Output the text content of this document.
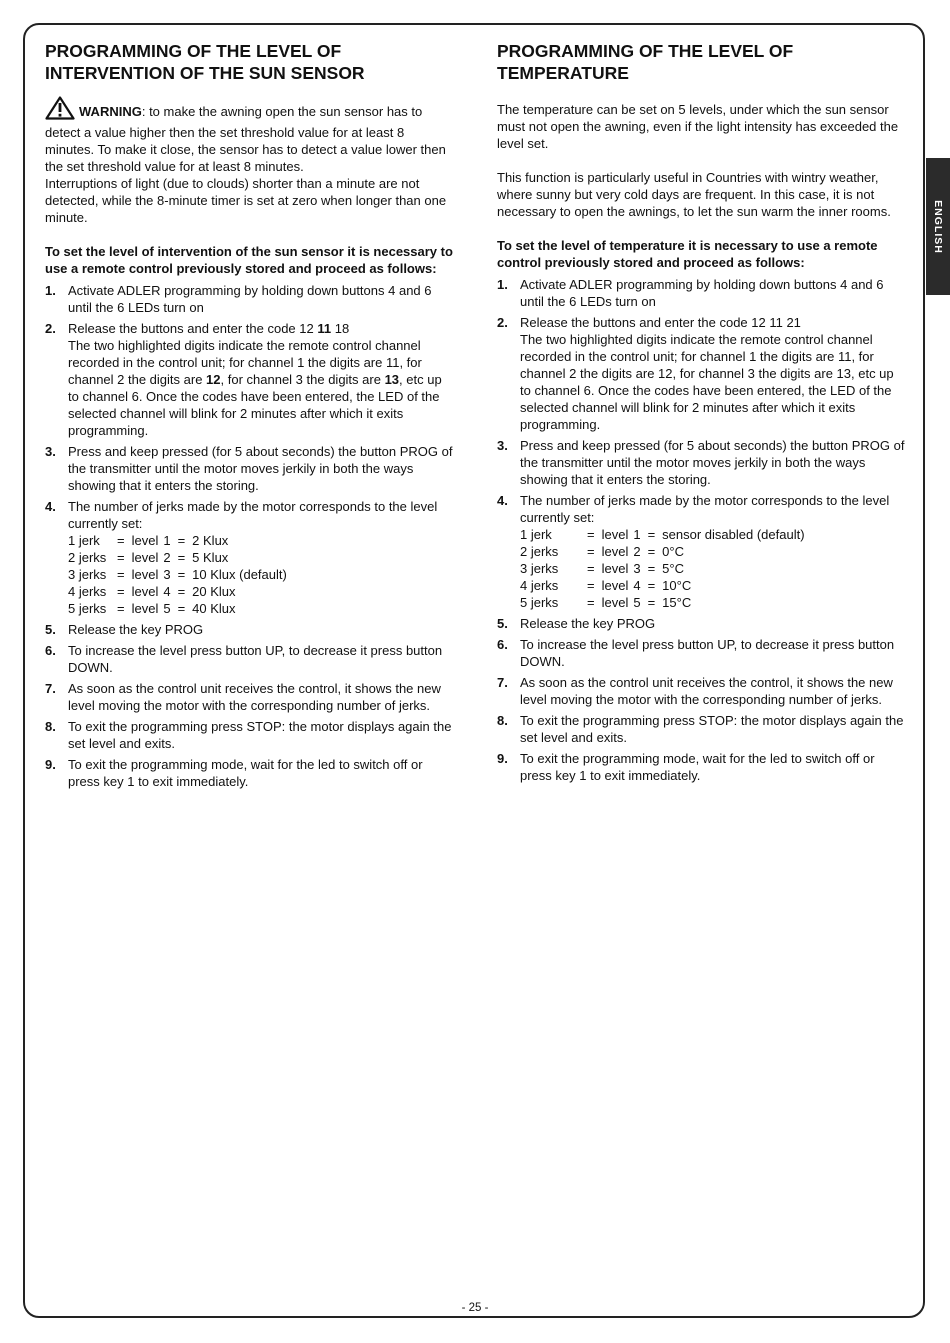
PROGRAMMING OF THE LEVEL OF
INTERVENTION OF THE SUN SENSOR
WARNING: to make the awning open the sun sensor has to detect a value higher then the set threshold value for at least 8 minutes. To make it close, the sensor has to detect a value lower then the set threshold value for at least 8 minutes.

Interruptions of light (due to clouds) shorter than a minute are not detected, while the 8-minute timer is set at zero when longer than one minute.

To set the level of intervention of the sun sensor it is necessary to use a remote control previously stored and proceed as follows:

1. Activate ADLER programming by holding down buttons 4 and 6 until the 6 LEDs turn on
2. Release the buttons and enter the code 12 11 18
The two highlighted digits indicate the remote control channel recorded in the control unit; for channel 1 the digits are 11, for channel 2 the digits are 12, for channel 3 the digits are 13, etc up to channel 6. Once the codes have been entered, the LED of the selected channel will blink for 2 minutes after which it exits programming.
3. Press and keep pressed (for 5 about seconds) the button PROG of the transmitter until the motor moves jerkily in both the ways showing that it enters the storing.
4. The number of jerks made by the motor corresponds to the level currently set:
1 jerk	=	level	1	=	2 Klux
2 jerks	=	level	2	=	5 Klux
3 jerks	=	level	3	=	10 Klux (default)
4 jerks	=	level	4	=	20 Klux
5 jerks	=	level	5	=	40 Klux
5. Release the key PROG
6. To increase the level press button UP, to decrease it press button DOWN.
7. As soon as the control unit receives the control, it shows the new level moving the motor with the corresponding number of jerks.
8. To exit the programming press STOP: the motor displays again the set level and exits.
9. To exit the programming mode, wait for the led to switch off or press key 1 to exit immediately.
PROGRAMMING OF THE LEVEL OF
TEMPERATURE

The temperature can be set on 5 levels, under which the sun sensor must not open the awning, even if the light intensity has exceeded the level set.

This function is particularly useful in Countries with wintry weather, where sunny but very cold days are frequent. In this case, it is not necessary to open the awnings, to let the sun warm the inner rooms.

To set the level of temperature it is necessary to use a remote control previously stored and proceed as follows:

1. Activate ADLER programming by holding down buttons 4 and 6 until the 6 LEDs turn on
2. Release the buttons and enter the code 12 11 21
The two highlighted digits indicate the remote control channel recorded in the control unit; for channel 1 the digits are 11, for channel 2 the digits are 12, for channel 3 the digits are 13, etc up to channel 6. Once the codes have been entered, the LED of the selected channel will blink for 2 minutes after which it exits programming.
3. Press and keep pressed (for 5 about seconds) the button PROG of the transmitter until the motor moves jerkily in both the ways showing that it enters the storing.
4. The number of jerks made by the motor corresponds to the level currently set:
1 jerk	=	level	1	=	sensor disabled (default)
2 jerks	=	level	2	=	0°C
3 jerks	=	level	3	=	5°C
4 jerks	=	level	4	=	10°C
5 jerks	=	level	5	=	15°C
5. Release the key PROG
6. To increase the level press button UP, to decrease it press button DOWN.
7. As soon as the control unit receives the control, it shows the new level moving the motor with the corresponding number of jerks.
8. To exit the programming press STOP: the motor displays again the set level and exits.
9. To exit the programming mode, wait for the led to switch off or press key 1 to exit immediately.
ENGLISH
- 25 -
